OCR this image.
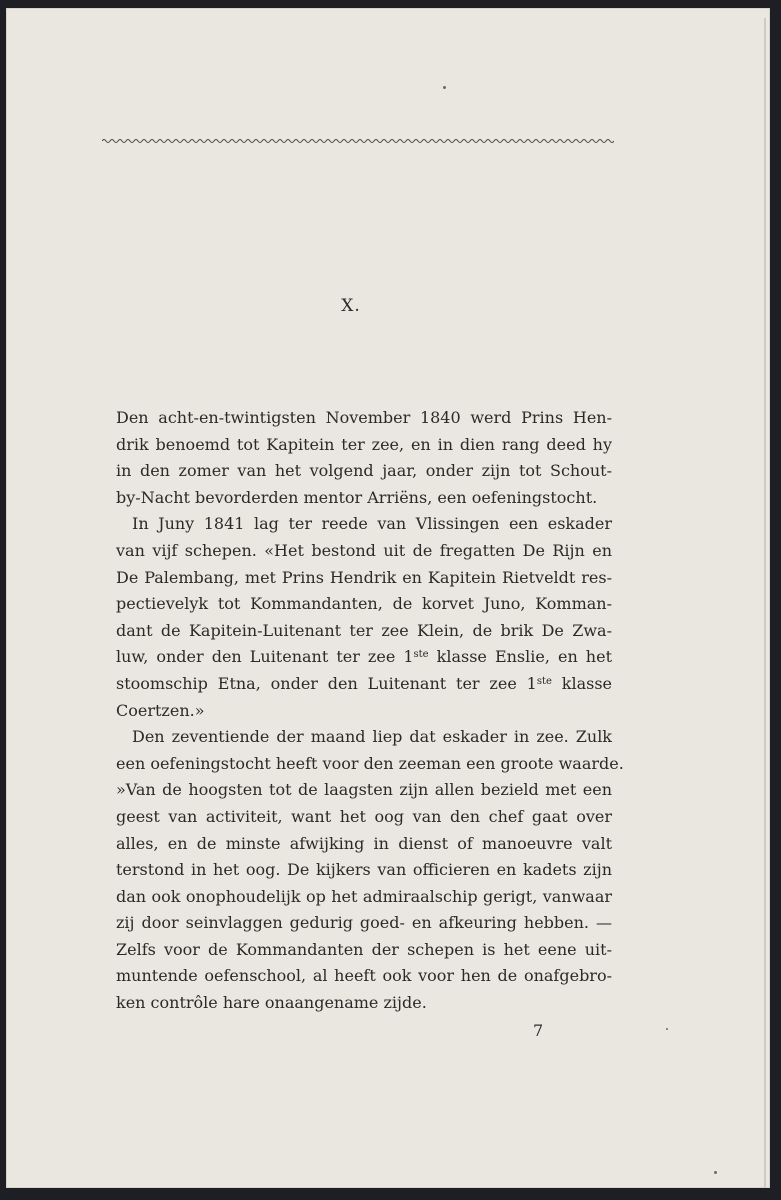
X.
Den acht-en-twintigsten November 1840 werd Prins Hen-
drik benoemd tot Kapitein ter zee, en in dien rang deed hy
in den zomer van het volgend jaar, onder zijn tot Schout-
by-Nacht bevorderden mentor Arriëns, een oefeningstocht.
In Juny 1841 lag ter reede van Vlissingen een eskader
van vijf schepen. «Het bestond uit de fregatten De Rijn en
De Palembang, met Prins Hendrik en Kapitein Rietveldt res-
pectievelyk tot Kommandanten, de korvet Juno, Komman-
dant de Kapitein-Luitenant ter zee Klein, de brik De Zwa-
luw, onder den Luitenant ter zee 1ste klasse Enslie, en het
stoomschip Etna, onder den Luitenant ter zee 1ste klasse
Coertzen.»
Den zeventiende der maand liep dat eskader in zee. Zulk
een oefeningstocht heeft voor den zeeman een groote waarde.
»Van de hoogsten tot de laagsten zijn allen bezield met een
geest van activiteit, want het oog van den chef gaat over
alles, en de minste afwijking in dienst of manoeuvre valt
terstond in het oog. De kijkers van officieren en kadets zijn
dan ook onophoudelijk op het admiraalschip gerigt, vanwaar
zij door seinvlaggen gedurig goed- en afkeuring hebben. —
Zelfs voor de Kommandanten der schepen is het eene uit-
muntende oefenschool, al heeft ook voor hen de onafgebro-
ken contrôle hare onaangename zijde.
7
